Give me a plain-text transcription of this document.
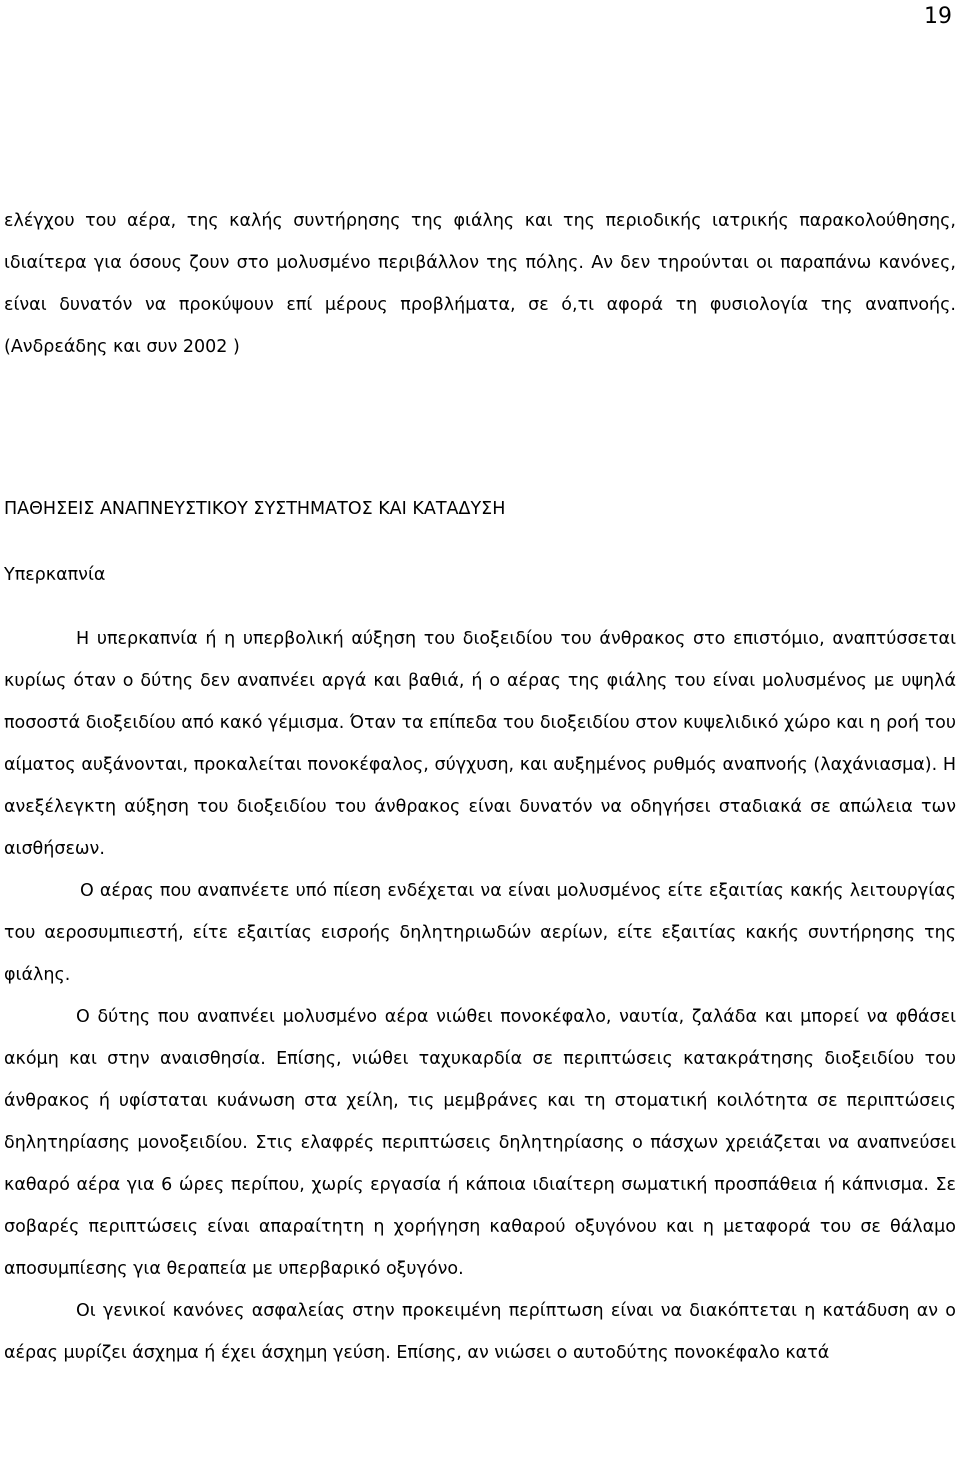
19

ελέγχου του αέρα, της καλής συντήρησης της φιάλης και της περιοδικής ιατρικής παρακολούθησης, ιδιαίτερα για όσους ζουν στο μολυσμένο περιβάλλον της πόλης. Αν δεν τηρούνται οι παραπάνω κανόνες, είναι δυνατόν να προκύψουν επί μέρους προβλήματα, σε ό,τι αφορά τη φυσιολογία της αναπνοής. (Ανδρεάδης και συν 2002 )

ΠΑΘΗΣΕΙΣ ΑΝΑΠΝΕΥΣΤΙΚΟΥ ΣΥΣΤΗΜΑΤΟΣ ΚΑΙ ΚΑΤΑΔΥΣΗ
Υπερκαπνία

Η υπερκαπνία ή η υπερβολική αύξηση του διοξειδίου του άνθρακος στο επιστόμιο, αναπτύσσεται κυρίως όταν ο δύτης δεν αναπνέει αργά και βαθιά, ή ο αέρας της φιάλης του είναι μολυσμένος με υψηλά ποσοστά διοξειδίου από κακό γέμισμα. Όταν τα επίπεδα του διοξειδίου στον κυψελιδικό χώρο και η ροή του αίματος αυξάνονται, προκαλείται πονοκέφαλος, σύγχυση, και αυξημένος ρυθμός αναπνοής (λαχάνιασμα). Η ανεξέλεγκτη αύξηση του διοξειδίου του άνθρακος είναι δυνατόν να οδηγήσει σταδιακά σε απώλεια των αισθήσεων.

Ο αέρας που αναπνέετε υπό πίεση ενδέχεται να είναι μολυσμένος είτε εξαιτίας κακής λειτουργίας του αεροσυμπιεστή, είτε εξαιτίας εισροής δηλητηριωδών αερίων, είτε εξαιτίας κακής συντήρησης της φιάλης.

Ο δύτης που αναπνέει μολυσμένο αέρα νιώθει πονοκέφαλο, ναυτία, ζαλάδα και μπορεί να φθάσει ακόμη και στην αναισθησία. Επίσης, νιώθει ταχυκαρδία σε περιπτώσεις κατακράτησης διοξειδίου του άνθρακος ή υφίσταται κυάνωση στα χείλη, τις μεμβράνες και τη στοματική κοιλότητα σε περιπτώσεις δηλητηρίασης μονοξειδίου. Στις ελαφρές περιπτώσεις δηλητηρίασης ο πάσχων χρειάζεται να αναπνεύσει καθαρό αέρα για 6 ώρες περίπου, χωρίς εργασία ή κάποια ιδιαίτερη σωματική προσπάθεια ή κάπνισμα. Σε σοβαρές περιπτώσεις είναι απαραίτητη η χορήγηση καθαρού οξυγόνου και η μεταφορά του σε θάλαμο αποσυμπίεσης για θεραπεία με υπερβαρικό οξυγόνο.

Οι γενικοί κανόνες ασφαλείας στην προκειμένη περίπτωση είναι να διακόπτεται η κατάδυση αν ο αέρας μυρίζει άσχημα ή έχει άσχημη γεύση. Επίσης, αν νιώσει ο αυτοδύτης πονοκέφαλο κατά
